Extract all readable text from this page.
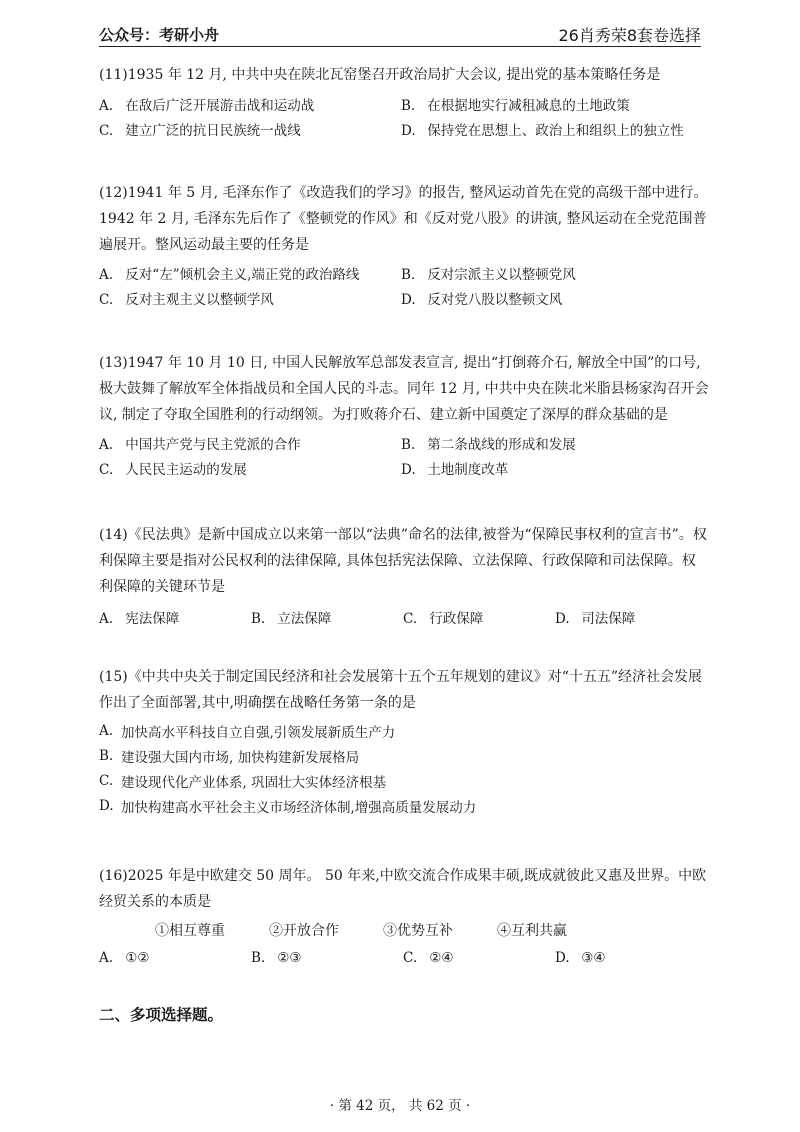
公众号：考研小舟	26肖秀荣8套卷选择

(11)1935 年 12 月, 中共中央在陕北瓦窑堡召开政治局扩大会议, 提出党的基本策略任务是

A. 在敌后广泛开展游击战和运动战	B. 在根据地实行减租减息的土地政策
C. 建立广泛的抗日民族统一战线	D. 保持党在思想上、政治上和组织上的独立性

(12)1941 年 5 月, 毛泽东作了《改造我们的学习》的报告, 整风运动首先在党的高级干部中进行。1942 年 2 月, 毛泽东先后作了《整顿党的作风》和《反对党八股》的讲演, 整风运动在全党范围普遍展开。整风运动最主要的任务是

A. 反对“左”倾机会主义,端正党的政治路线	B. 反对宗派主义以整顿党风
C. 反对主观主义以整顿学风	D. 反对党八股以整顿文风

(13)1947 年 10 月 10 日, 中国人民解放军总部发表宣言, 提出“打倒蒋介石, 解放全中国”的口号,极大鼓舞了解放军全体指战员和全国人民的斗志。同年 12 月, 中共中央在陕北米脂县杨家沟召开会议, 制定了夺取全国胜利的行动纲领。为打败蒋介石、建立新中国奠定了深厚的群众基础的是

A. 中国共产党与民主党派的合作	B. 第二条战线的形成和发展
C. 人民民主运动的发展	D. 土地制度改革

(14)《民法典》是新中国成立以来第一部以“法典”命名的法律,被誉为“保障民事权利的宣言书”。权利保障主要是指对公民权利的法律保障, 具体包括宪法保障、立法保障、行政保障和司法保障。权利保障的关键环节是

A. 宪法保障	B. 立法保障	C. 行政保障	D. 司法保障

(15)《中共中央关于制定国民经济和社会发展第十五个五年规划的建议》对“十五五”经济社会发展作出了全面部署,其中,明确摆在战略任务第一条的是

A. 加快高水平科技自立自强,引领发展新质生产力
B. 建设强大国内市场, 加快构建新发展格局
C. 建设现代化产业体系, 巩固壮大实体经济根基
D. 加快构建高水平社会主义市场经济体制,增强高质量发展动力

(16)2025 年是中欧建交 50 周年。 50 年来,中欧交流合作成果丰硕,既成就彼此又惠及世界。中欧经贸关系的本质是

①相互尊重	②开放合作	③优势互补	④互利共赢
A. ①②	B. ②③	C. ②④	D. ③④
二、多项选择题。
· 第 42 页， 共 62 页 ·
